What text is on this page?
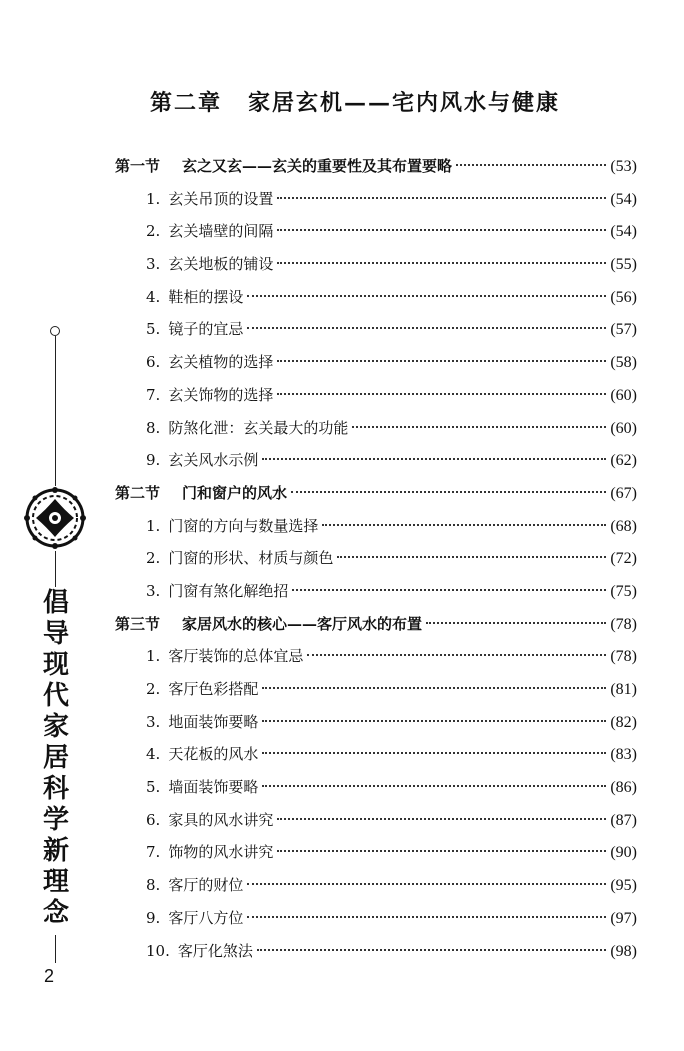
第二章 家居玄机——宅内风水与健康
第一节 玄之又玄——玄关的重要性及其布置要略	(53)
1. 玄关吊顶的设置	(54)
2. 玄关墙壁的间隔	(54)
3. 玄关地板的铺设	(55)
4. 鞋柜的摆设	(56)
5. 镜子的宜忌	(57)
6. 玄关植物的选择	(58)
7. 玄关饰物的选择	(60)
8. 防煞化泄：玄关最大的功能	(60)
9. 玄关风水示例	(62)
第二节 门和窗户的风水	(67)
1. 门窗的方向与数量选择	(68)
2. 门窗的形状、材质与颜色	(72)
3. 门窗有煞化解绝招	(75)
第三节 家居风水的核心——客厅风水的布置	(78)
1. 客厅装饰的总体宜忌	(78)
2. 客厅色彩搭配	(81)
3. 地面装饰要略	(82)
4. 天花板的风水	(83)
5. 墙面装饰要略	(86)
6. 家具的风水讲究	(87)
7. 饰物的风水讲究	(90)
8. 客厅的财位	(95)
9. 客厅八方位	(97)
10. 客厅化煞法	(98)
倡导现代家居科学新理念
2
